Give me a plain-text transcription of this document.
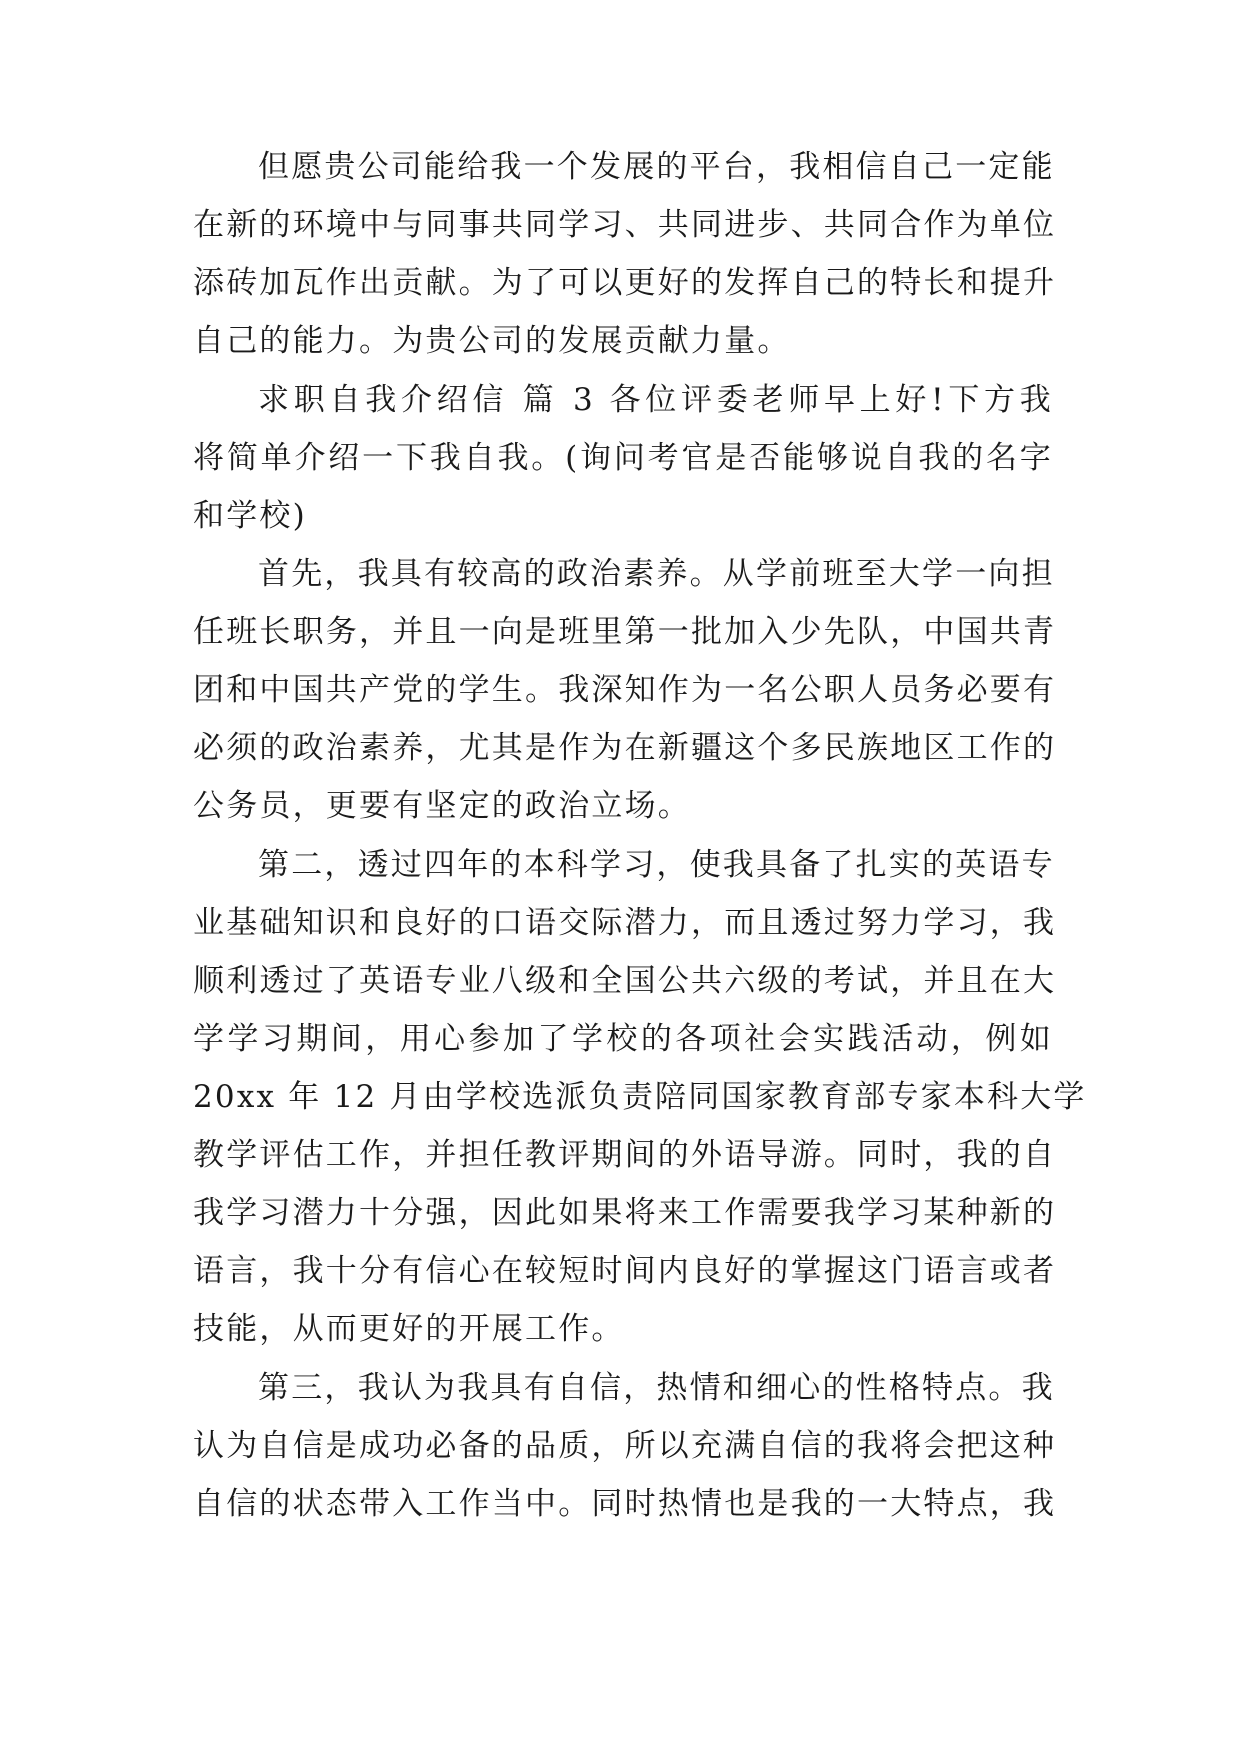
但愿贵公司能给我一个发展的平台，我相信自己一定能
在新的环境中与同事共同学习、共同进步、共同合作为单位
添砖加瓦作出贡献。为了可以更好的发挥自己的特长和提升
自己的能力。为贵公司的发展贡献力量。
求职自我介绍信 篇 3 各位评委老师早上好!下方我
将简单介绍一下我自我。(询问考官是否能够说自我的名字
和学校)
首先，我具有较高的政治素养。从学前班至大学一向担
任班长职务，并且一向是班里第一批加入少先队，中国共青
团和中国共产党的学生。我深知作为一名公职人员务必要有
必须的政治素养，尤其是作为在新疆这个多民族地区工作的
公务员，更要有坚定的政治立场。
第二，透过四年的本科学习，使我具备了扎实的英语专
业基础知识和良好的口语交际潜力，而且透过努力学习，我
顺利透过了英语专业八级和全国公共六级的考试，并且在大
学学习期间，用心参加了学校的各项社会实践活动，例如
20xx 年 12 月由学校选派负责陪同国家教育部专家本科大学
教学评估工作，并担任教评期间的外语导游。同时，我的自
我学习潜力十分强，因此如果将来工作需要我学习某种新的
语言，我十分有信心在较短时间内良好的掌握这门语言或者
技能，从而更好的开展工作。
第三，我认为我具有自信，热情和细心的性格特点。我
认为自信是成功必备的品质，所以充满自信的我将会把这种
自信的状态带入工作当中。同时热情也是我的一大特点，我
